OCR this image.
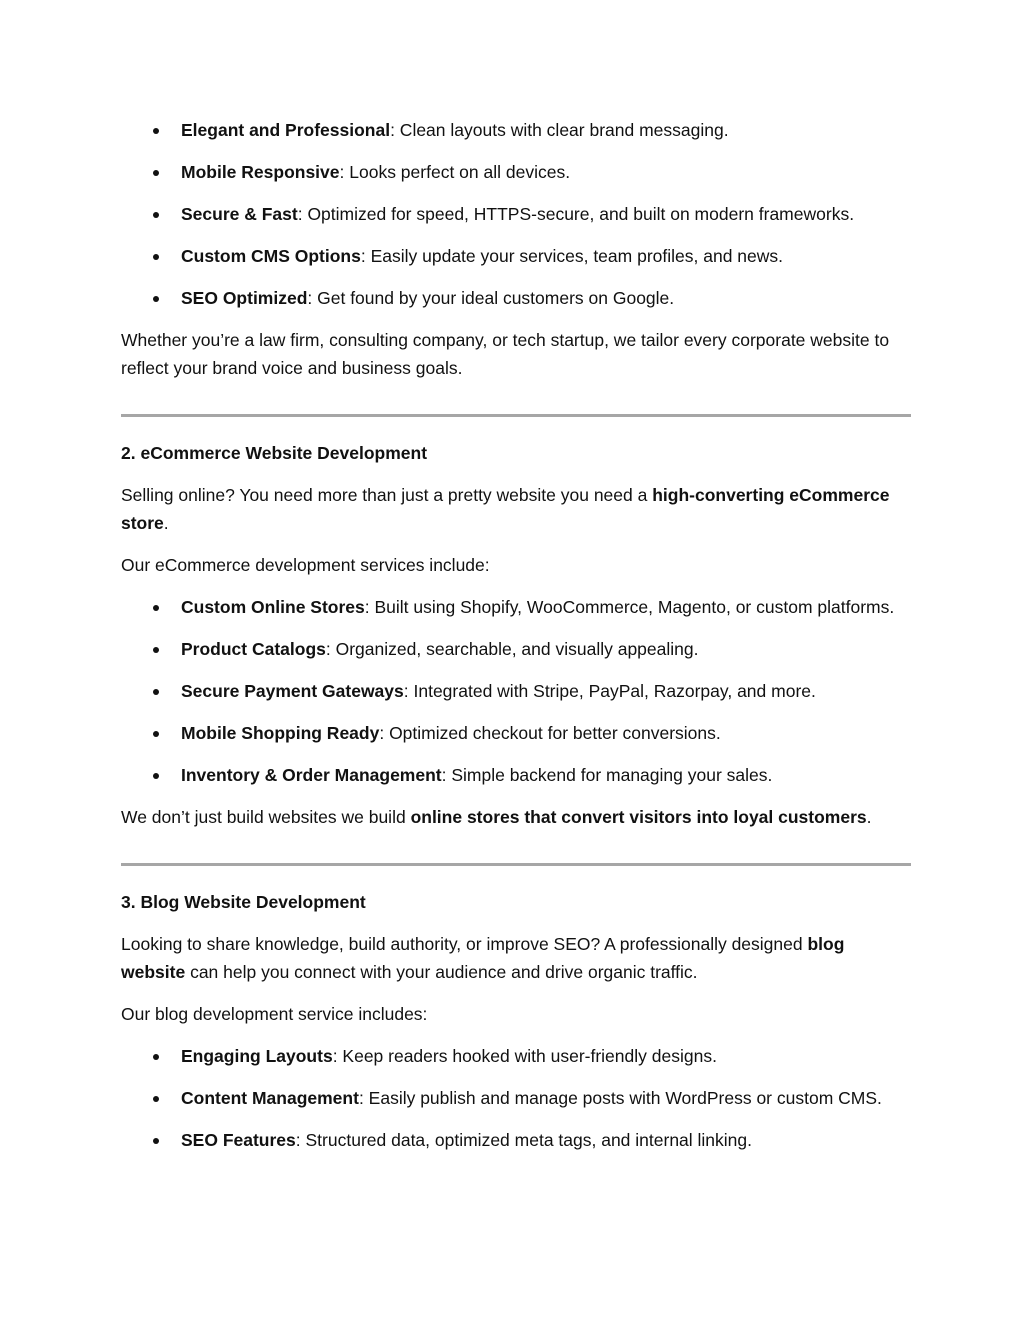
Elegant and Professional: Clean layouts with clear brand messaging.
Mobile Responsive: Looks perfect on all devices.
Secure & Fast: Optimized for speed, HTTPS-secure, and built on modern frameworks.
Custom CMS Options: Easily update your services, team profiles, and news.
SEO Optimized: Get found by your ideal customers on Google.

Whether you’re a law firm, consulting company, or tech startup, we tailor every corporate website to reflect your brand voice and business goals.

2. eCommerce Website Development

Selling online? You need more than just a pretty website you need a high-converting eCommerce store.

Our eCommerce development services include:

Custom Online Stores: Built using Shopify, WooCommerce, Magento, or custom platforms.
Product Catalogs: Organized, searchable, and visually appealing.
Secure Payment Gateways: Integrated with Stripe, PayPal, Razorpay, and more.
Mobile Shopping Ready: Optimized checkout for better conversions.
Inventory & Order Management: Simple backend for managing your sales.

We don’t just build websites we build online stores that convert visitors into loyal customers.

3. Blog Website Development

Looking to share knowledge, build authority, or improve SEO? A professionally designed blog website can help you connect with your audience and drive organic traffic.

Our blog development service includes:

Engaging Layouts: Keep readers hooked with user-friendly designs.
Content Management: Easily publish and manage posts with WordPress or custom CMS.
SEO Features: Structured data, optimized meta tags, and internal linking.
